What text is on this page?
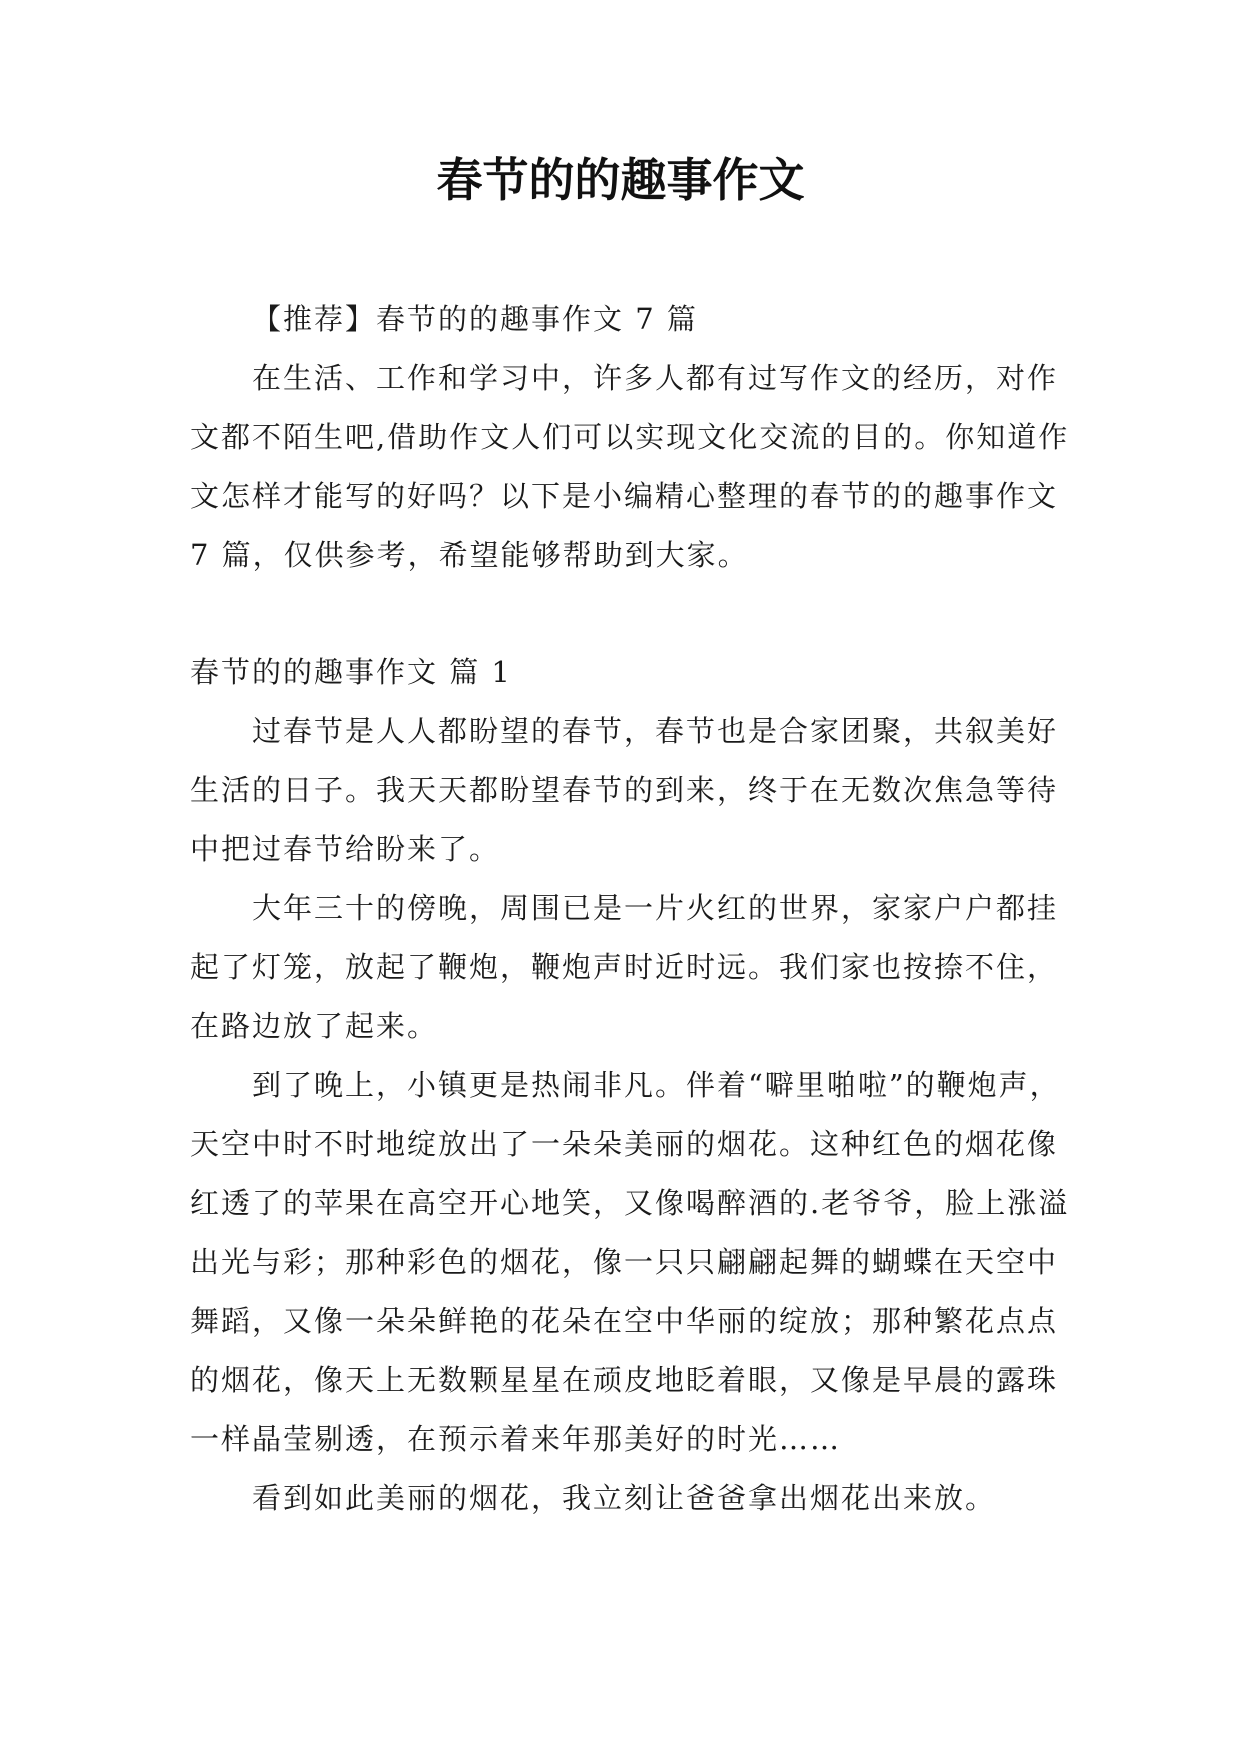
春节的的趣事作文

【推荐】春节的的趣事作文 7 篇

在生活、工作和学习中，许多人都有过写作文的经历，对作文都不陌生吧,借助作文人们可以实现文化交流的目的。你知道作文怎样才能写的好吗？以下是小编精心整理的春节的的趣事作文 7 篇，仅供参考，希望能够帮助到大家。

春节的的趣事作文 篇 1

过春节是人人都盼望的春节，春节也是合家团聚，共叙美好生活的日子。我天天都盼望春节的到来，终于在无数次焦急等待中把过春节给盼来了。

大年三十的傍晚，周围已是一片火红的世界，家家户户都挂起了灯笼，放起了鞭炮，鞭炮声时近时远。我们家也按捺不住，在路边放了起来。

到了晚上，小镇更是热闹非凡。伴着“噼里啪啦”的鞭炮声，天空中时不时地绽放出了一朵朵美丽的烟花。这种红色的烟花像红透了的苹果在高空开心地笑，又像喝醉酒的.老爷爷，脸上涨溢出光与彩；那种彩色的烟花，像一只只翩翩起舞的蝴蝶在天空中舞蹈，又像一朵朵鲜艳的花朵在空中华丽的绽放；那种繁花点点的烟花，像天上无数颗星星在顽皮地眨着眼，又像是早晨的露珠一样晶莹剔透，在预示着来年那美好的时光……

看到如此美丽的烟花，我立刻让爸爸拿出烟花出来放。
